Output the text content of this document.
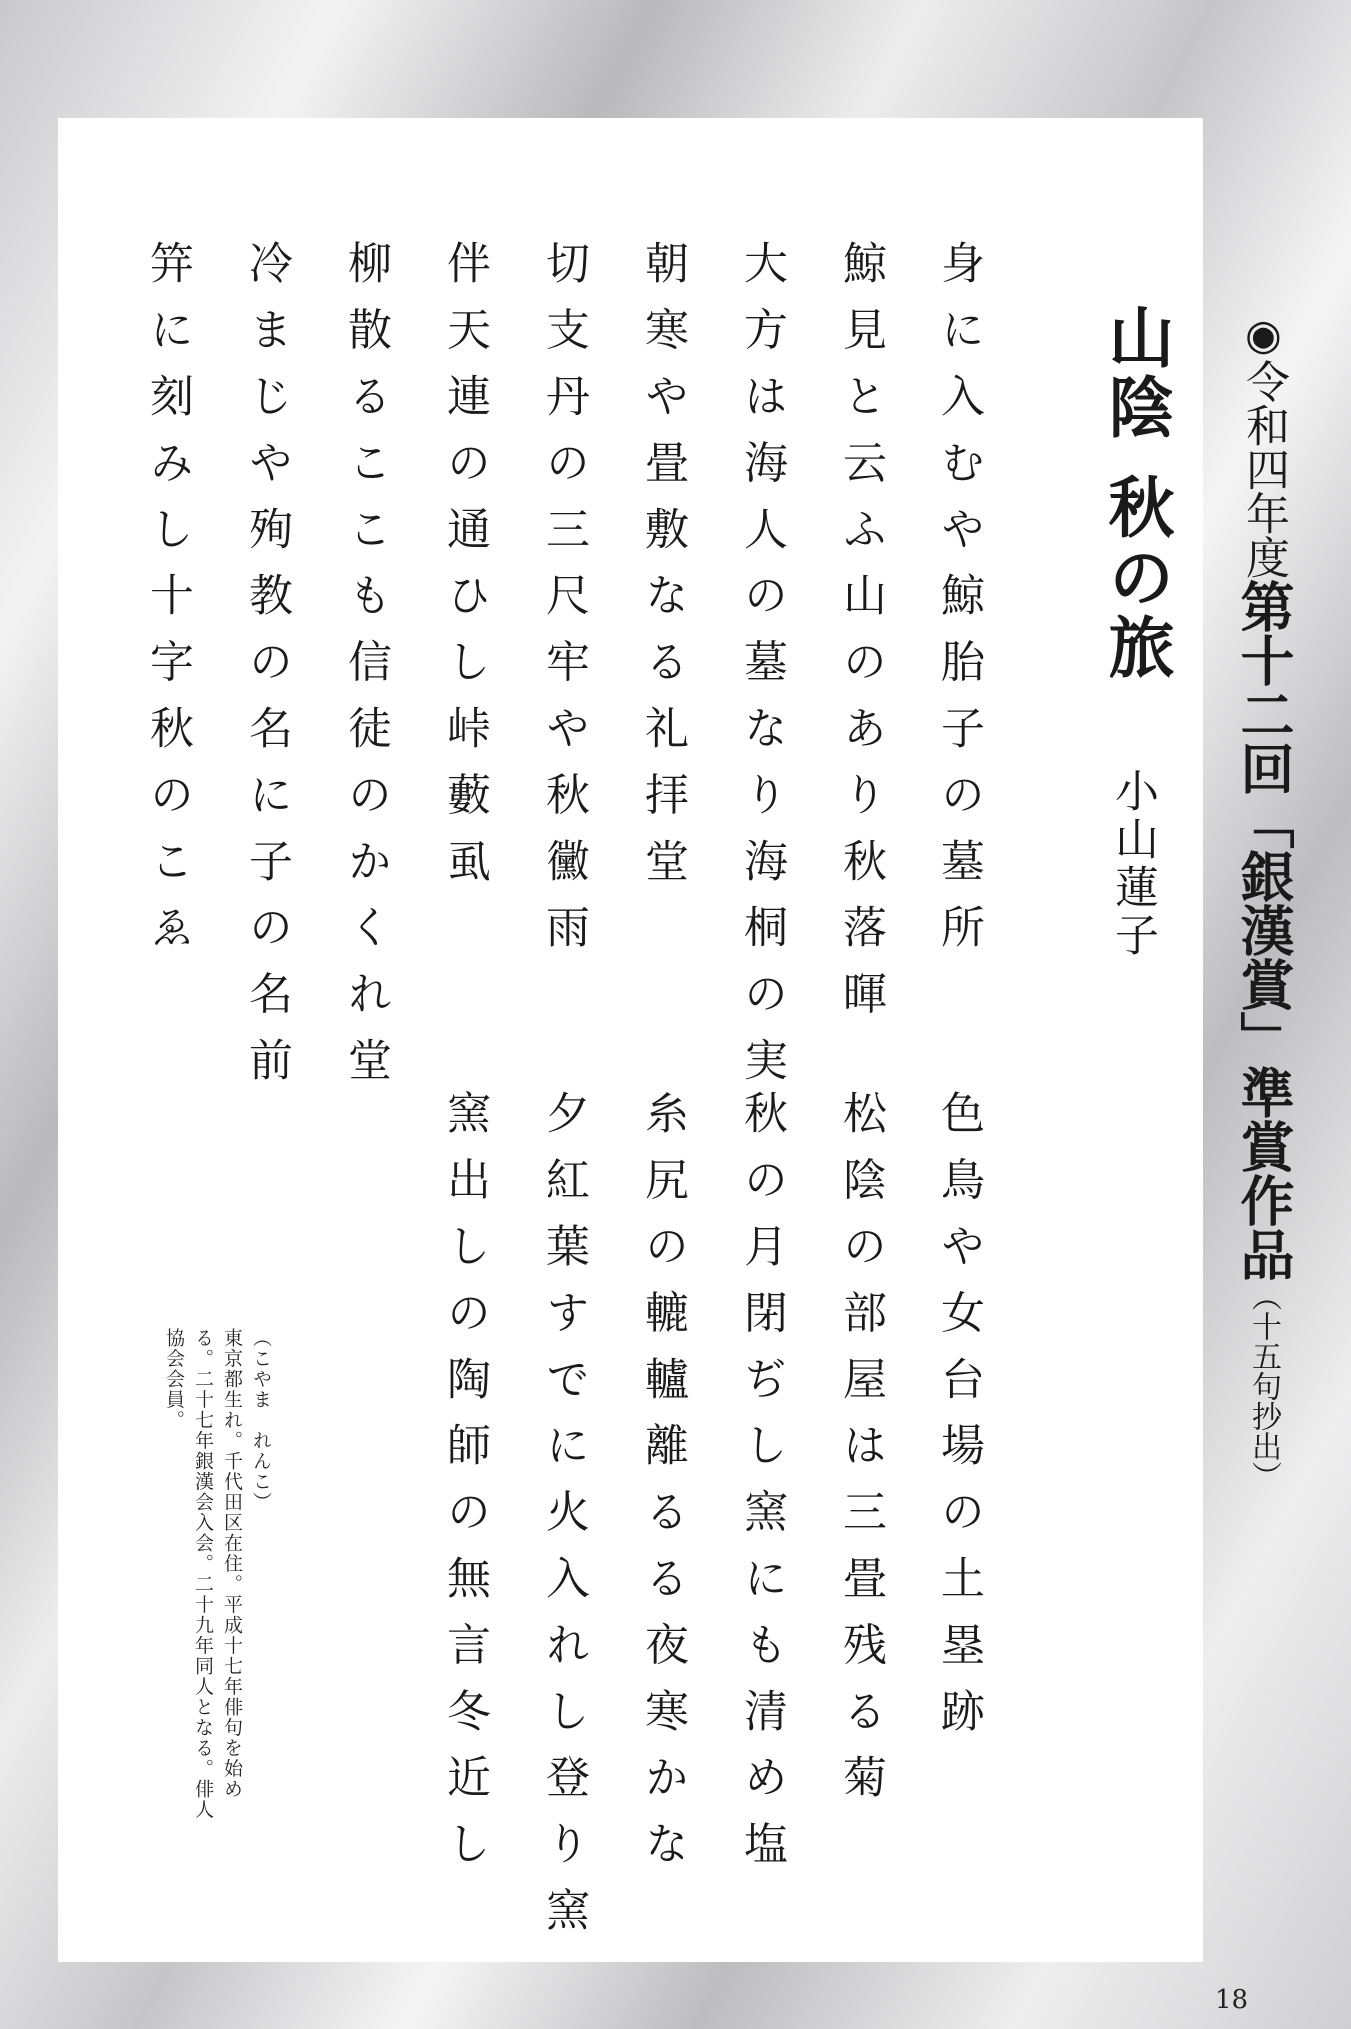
山陰秋の旅
小山蓮子
身に入むや鯨胎子の墓所
色鳥や女台場の土塁跡
鯨見と云ふ山のあり秋落暉
松陰の部屋は三畳残る菊
大方は海人の墓なり海桐の実
秋の月閉ぢし窯にも清め塩
朝寒や畳敷なる礼拝堂
糸尻の轆轤離るる夜寒かな
切支丹の三尺牢や秋黴雨
夕紅葉すでに火入れし登り窯
伴天連の通ひし峠藪虱
窯出しの陶師の無言冬近し
柳散るここも信徒のかくれ堂
冷まじや殉教の名に子の名前
笄に刻みし十字秋のこゑ
（こやま　れんこ）
東京都生れ。千代田区在住。平成十七年俳句を始め
る。二十七年銀漢会入会。二十九年同人となる。俳人
協会会員。
◉令和四年度第十二回「銀漢賞」準賞作品（十五句抄出）
18
